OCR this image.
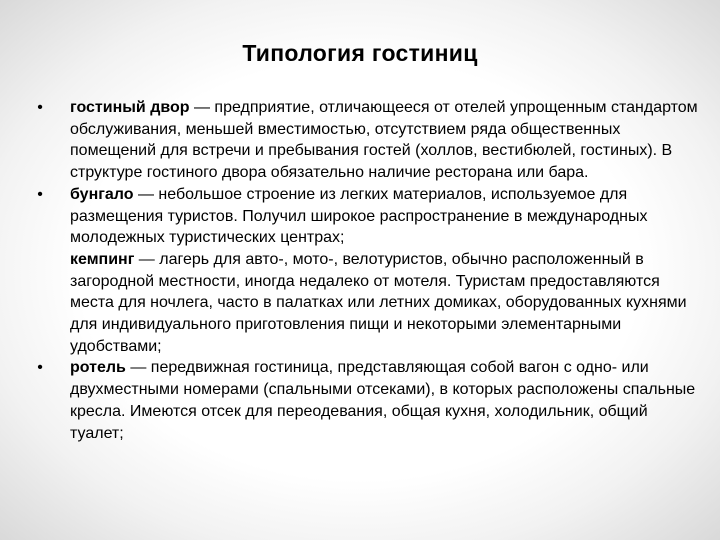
Типология гостиниц
•	гостиный двор — предприятие, отличающееся от отелей упрощенным стандартом обслуживания, меньшей вместимостью, отсутствием ряда общественных помещений для встречи и пребывания гостей (холлов, вестибюлей, гостиных). В структуре гостиного двора обязательно наличие ресторана или бара.
•	бунгало — небольшое строение из легких материалов, используемое для размещения туристов. Получил широкое распространение в международных молодежных туристических центрах;
кемпинг — лагерь для авто-, мото-, велотуристов, обычно расположенный в загородной местности, иногда недалеко от мотеля. Туристам предоставляются места для ночлега, часто в палатках или летних домиках, оборудованных кухнями для индивидуального приготовления пищи и некоторыми элементарными удобствами;
•	ротель — передвижная гостиница, представляющая собой вагон с одно- или двухместными номерами (спальными отсеками), в которых расположены спальные кресла. Имеются отсек для переодевания, общая кухня, холодильник, общий туалет;
